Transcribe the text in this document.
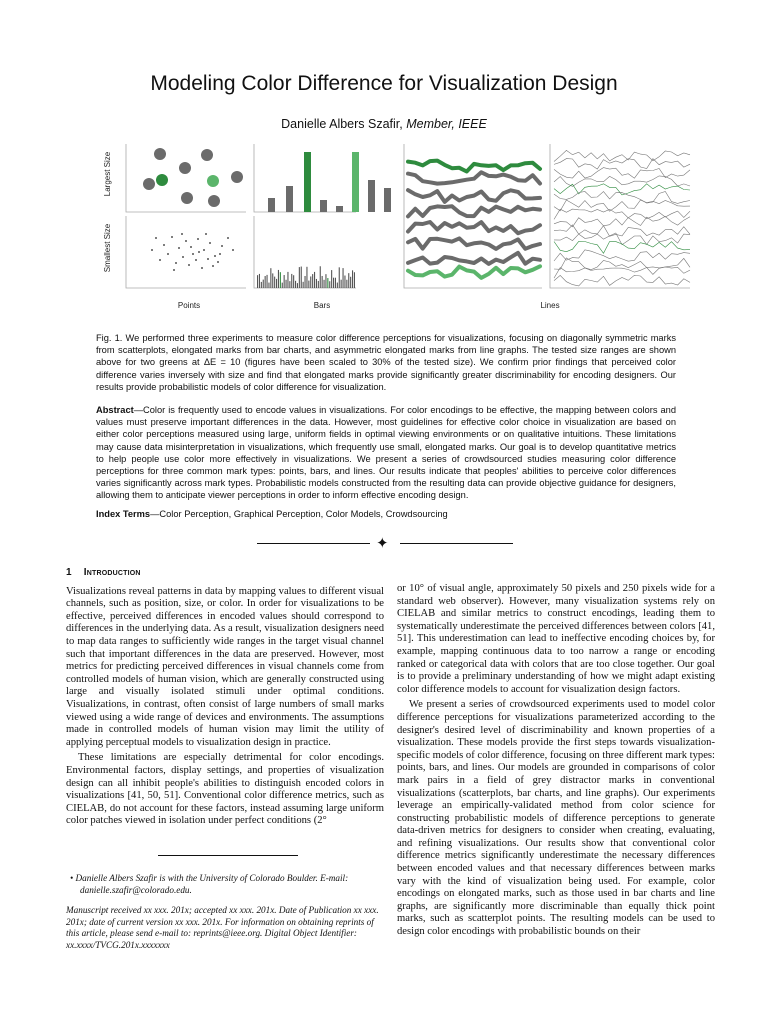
Modeling Color Difference for Visualization Design
Danielle Albers Szafir, Member, IEEE
Largest Size
Smallest Size
Points	Bars	Lines
Fig. 1. We performed three experiments to measure color difference perceptions for visualizations, focusing on diagonally symmetric marks from scatterplots, elongated marks from bar charts, and asymmetric elongated marks from line graphs. The tested size ranges are shown above for two greens at ΔE = 10 (figures have been scaled to 30% of the tested size). We confirm prior findings that perceived color difference varies inversely with size and find that elongated marks provide significantly greater discriminability for encoding designers. Our results provide probabilistic models of color difference for visualization.
Abstract—Color is frequently used to encode values in visualizations. For color encodings to be effective, the mapping between colors and values must preserve important differences in the data. However, most guidelines for effective color choice in visualization are based on either color perceptions measured using large, uniform fields in optimal viewing environments or on qualitative intuitions. These limitations may cause data misinterpretation in visualizations, which frequently use small, elongated marks. Our goal is to develop quantitative metrics to help people use color more effectively in visualizations. We present a series of crowdsourced studies measuring color difference perceptions for three common mark types: points, bars, and lines. Our results indicate that peoples' abilities to perceive color differences varies significantly across mark types. Probabilistic models constructed from the resulting data can provide objective guidance for designers, allowing them to anticipate viewer perceptions in order to inform effective encoding design.
Index Terms—Color Perception, Graphical Perception, Color Models, Crowdsourcing
✦
1 Introduction

Visualizations reveal patterns in data by mapping values to different visual channels, such as position, size, or color. In order for visualizations to be effective, perceived differences in encoded values should correspond to differences in the underlying data. As a result, visualization designers need to map data ranges to sufficiently wide ranges in the target visual channel such that important differences in the data are preserved. However, most metrics for predicting perceived differences in visual channels come from controlled models of human vision, which are generally constructed using large and visually isolated stimuli under optimal conditions. Visualizations, in contrast, often consist of large numbers of small marks viewed using a wide range of devices and environments. The assumptions made in controlled models of human vision may limit the utility of applying perceptual models to visualization design in practice.

These limitations are especially detrimental for color encodings. Environmental factors, display settings, and properties of visualization design can all inhibit people's abilities to distinguish encoded colors in visualizations [41, 50, 51]. Conventional color difference metrics, such as CIELAB, do not account for these factors, instead assuming large uniform color patches viewed in isolation under perfect conditions (2°

or 10° of visual angle, approximately 50 pixels and 250 pixels wide for a standard web observer). However, many visualization systems rely on CIELAB and similar metrics to construct encodings, leading them to systematically underestimate the perceived differences between colors [41, 51]. This underestimation can lead to ineffective encoding choices by, for example, mapping continuous data to too narrow a range or encoding ranked or categorical data with colors that are too close together. Our goal is to provide a preliminary understanding of how we might adapt existing color difference models to account for visualization design factors.

We present a series of crowdsourced experiments used to model color difference perceptions for visualizations parameterized according to the designer's desired level of discriminability and known properties of a visualization. These models provide the first steps towards visualization-specific models of color difference, focusing on three different mark types: points, bars, and lines. Our models are grounded in comparisons of color mark pairs in a field of grey distractor marks in conventional visualizations (scatterplots, bar charts, and line graphs). Our experiments leverage an empirically-validated method from color science for constructing probabilistic models of difference perceptions to generate data-driven metrics for designers to consider when creating, evaluating, and refining visualizations. Our results show that conventional color difference metrics significantly underestimate the necessary differences between encoded values and that necessary differences between marks vary with the kind of visualization being used. For example, color encodings on elongated marks, such as those used in bar charts and line graphs, are significantly more discriminable than equally thick point marks, such as scatterplot points. The resulting models can be used to design color encodings with probabilistic bounds on their

• Danielle Albers Szafir is with the University of Colorado Boulder. E-mail: danielle.szafir@colorado.edu.

Manuscript received xx xxx. 201x; accepted xx xxx. 201x. Date of Publication xx xxx. 201x; date of current version xx xxx. 201x. For information on obtaining reprints of this article, please send e-mail to: reprints@ieee.org. Digital Object Identifier: xx.xxxx/TVCG.201x.xxxxxxx
